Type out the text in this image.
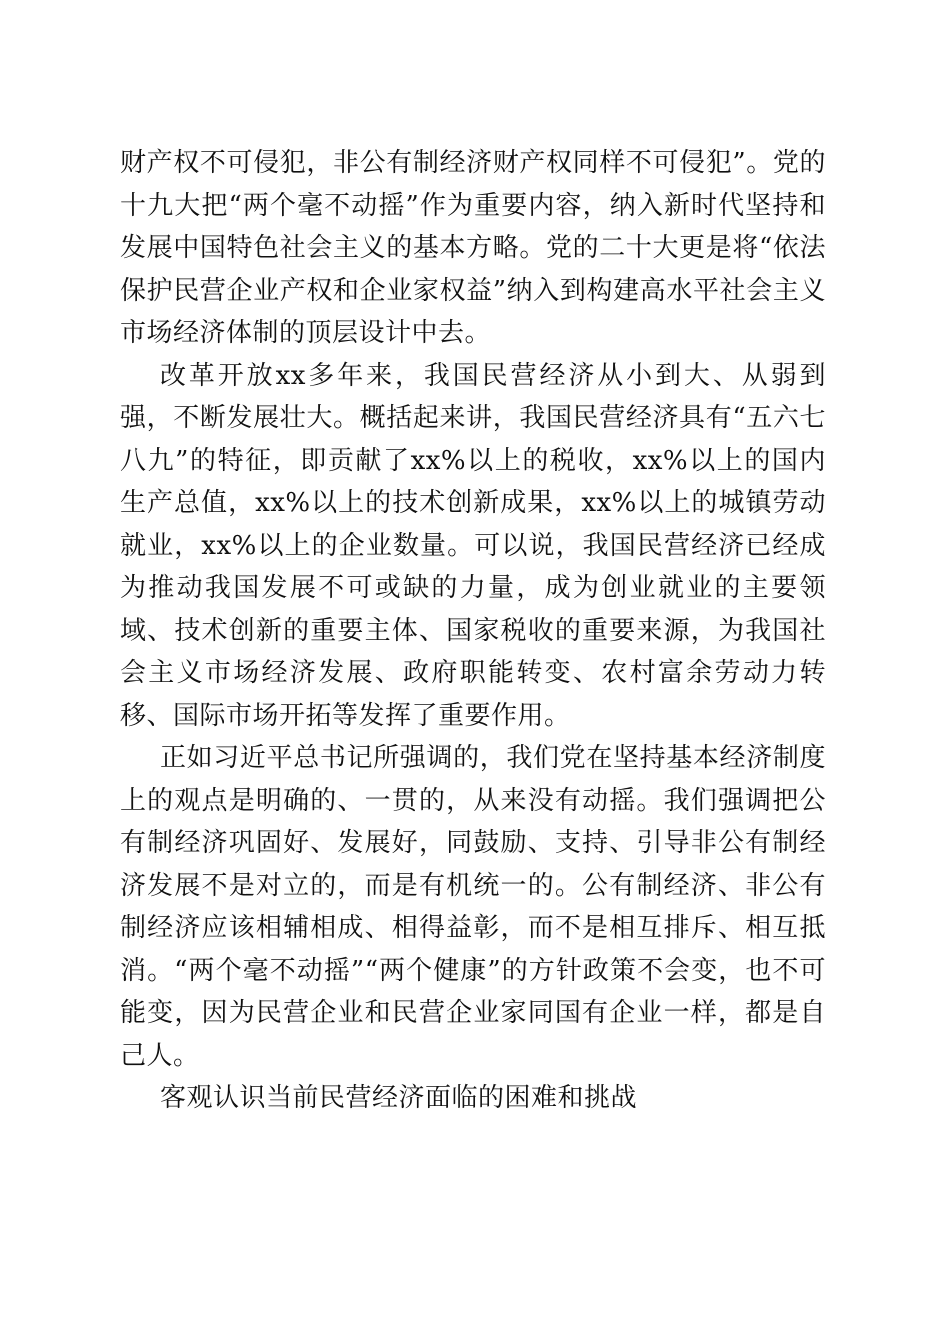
财产权不可侵犯，非公有制经济财产权同样不可侵犯”。党的十九大把“两个毫不动摇”作为重要内容，纳入新时代坚持和发展中国特色社会主义的基本方略。党的二十大更是将“依法保护民营企业产权和企业家权益”纳入到构建高水平社会主义市场经济体制的顶层设计中去。

改革开放xx多年来，我国民营经济从小到大、从弱到强，不断发展壮大。概括起来讲，我国民营经济具有“五六七八九”的特征，即贡献了xx%以上的税收，xx%以上的国内生产总值，xx%以上的技术创新成果，xx%以上的城镇劳动就业，xx%以上的企业数量。可以说，我国民营经济已经成为推动我国发展不可或缺的力量，成为创业就业的主要领域、技术创新的重要主体、国家税收的重要来源，为我国社会主义市场经济发展、政府职能转变、农村富余劳动力转移、国际市场开拓等发挥了重要作用。

正如习近平总书记所强调的，我们党在坚持基本经济制度上的观点是明确的、一贯的，从来没有动摇。我们强调把公有制经济巩固好、发展好，同鼓励、支持、引导非公有制经济发展不是对立的，而是有机统一的。公有制经济、非公有制经济应该相辅相成、相得益彰，而不是相互排斥、相互抵消。“两个毫不动摇”“两个健康”的方针政策不会变，也不可能变，因为民营企业和民营企业家同国有企业一样，都是自己人。

客观认识当前民营经济面临的困难和挑战
